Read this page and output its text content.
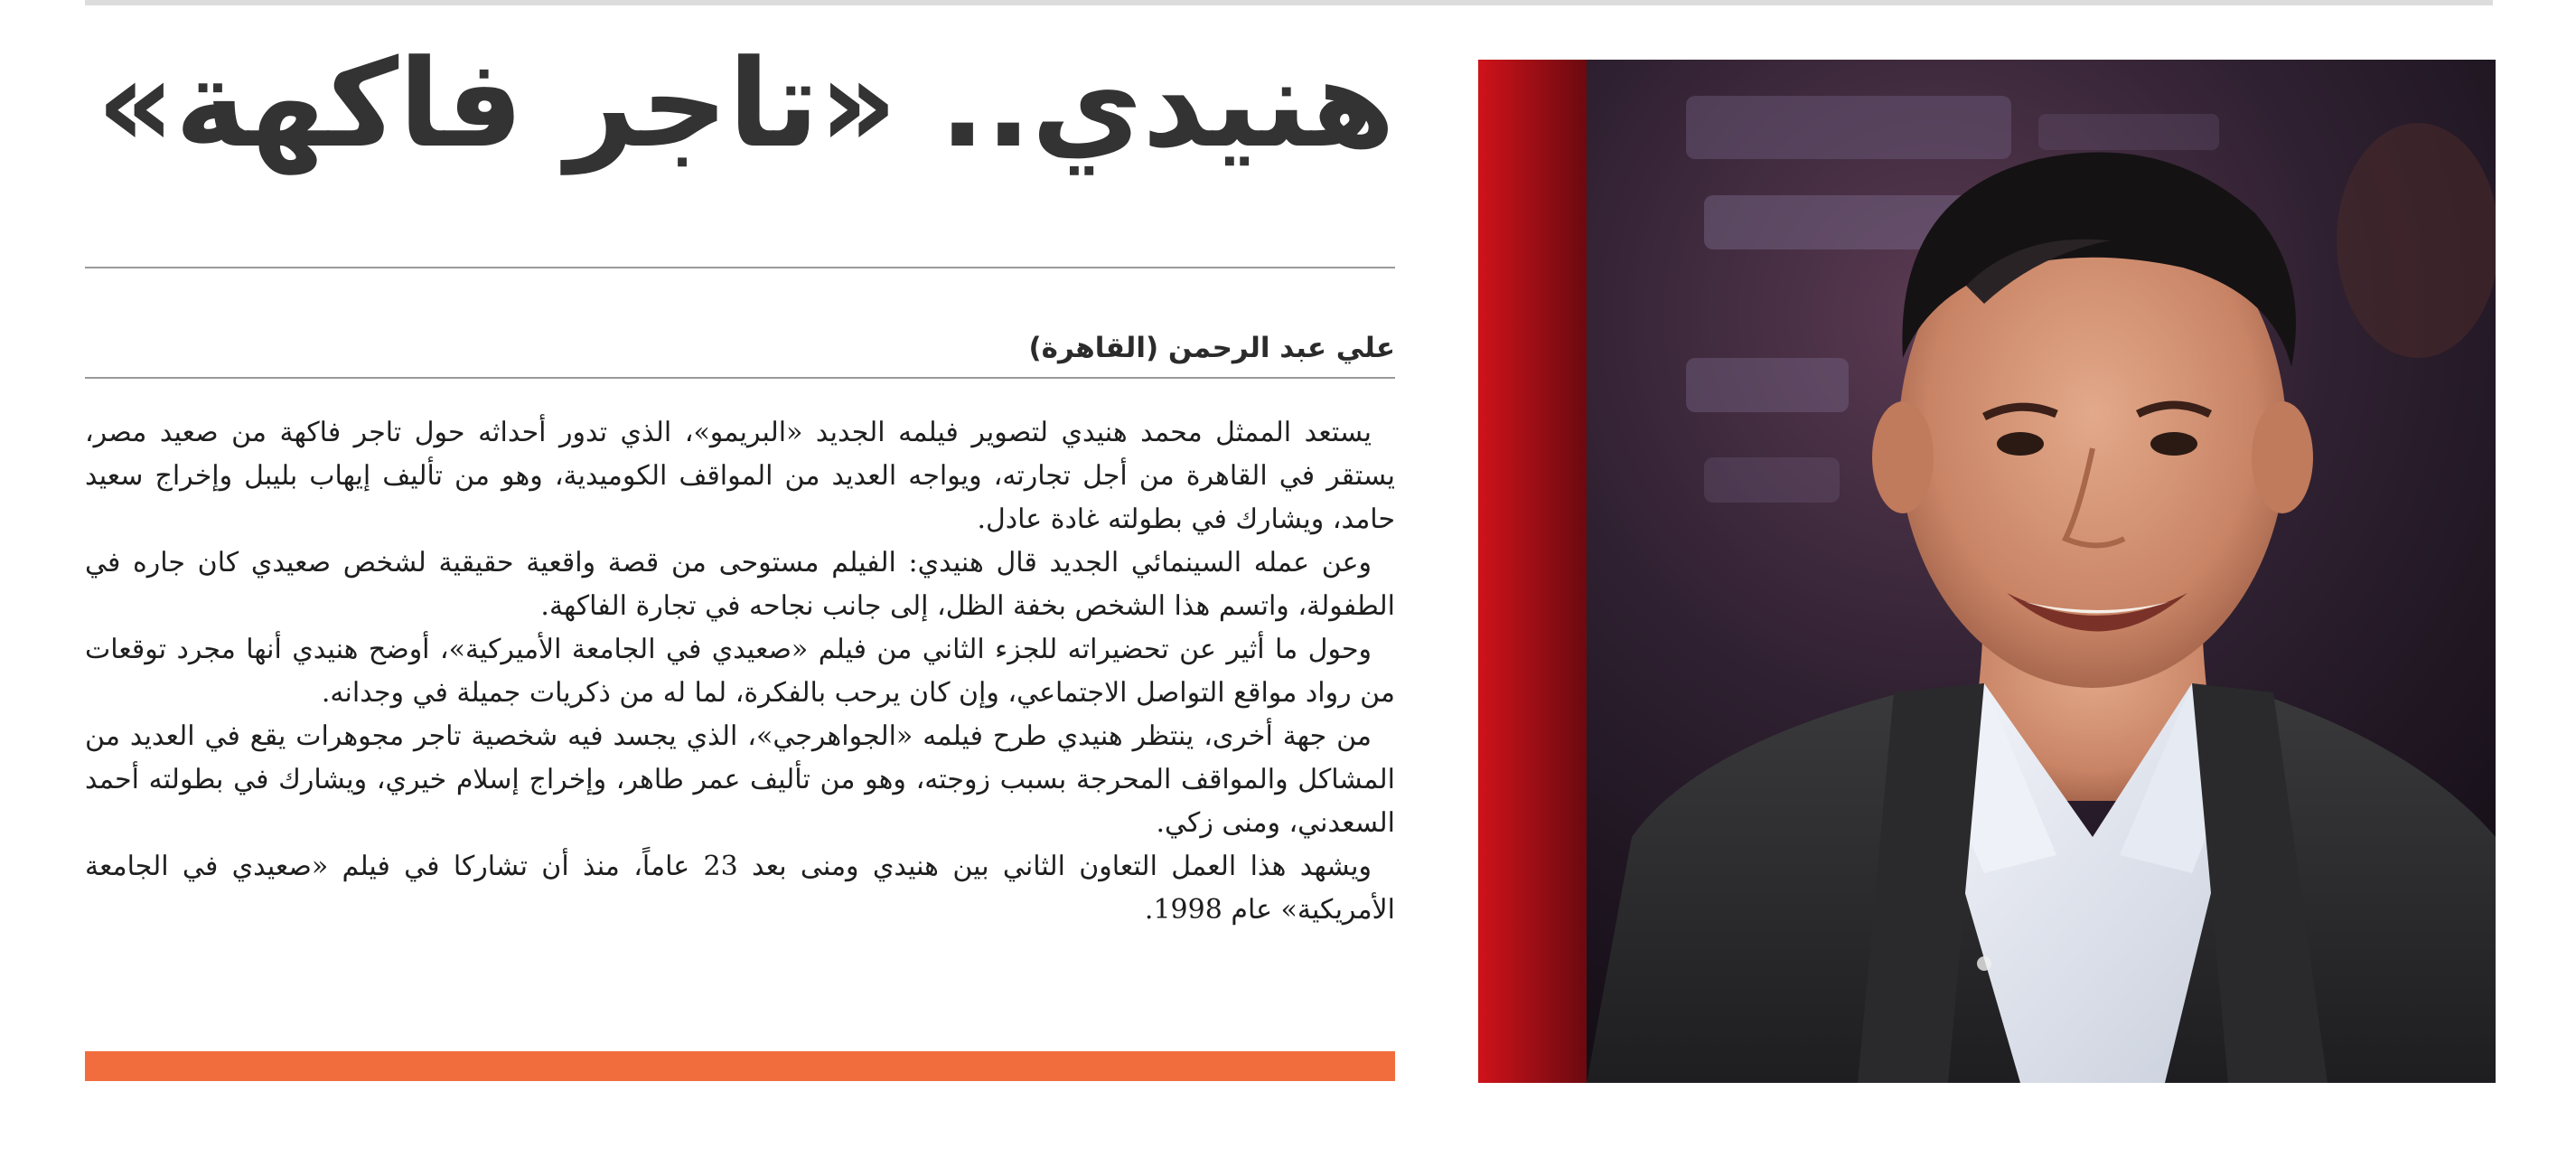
هنيدي.. «تاجر فاكهة»
علي عبد الرحمن (القاهرة)

يستعد الممثل محمد هنيدي لتصوير فيلمه الجديد «البريمو»، الذي تدور أحداثه حول تاجر فاكهة من صعيد مصر، يستقر في القاهرة من أجل تجارته، ويواجه العديد من المواقف الكوميدية، وهو من تأليف إيهاب بليبل وإخراج سعيد حامد، ويشارك في بطولته غادة عادل.

وعن عمله السينمائي الجديد قال هنيدي: الفيلم مستوحى من قصة واقعية حقيقية لشخص صعيدي كان جاره في الطفولة، واتسم هذا الشخص بخفة الظل، إلى جانب نجاحه في تجارة الفاكهة.

وحول ما أثير عن تحضيراته للجزء الثاني من فيلم «صعيدي في الجامعة الأميركية»، أوضح هنيدي أنها مجرد توقعات من رواد مواقع التواصل الاجتماعي، وإن كان يرحب بالفكرة، لما له من ذكريات جميلة في وجدانه.

من جهة أخرى، ينتظر هنيدي طرح فيلمه «الجواهرجي»، الذي يجسد فيه شخصية تاجر مجوهرات يقع في العديد من المشاكل والمواقف المحرجة بسبب زوجته، وهو من تأليف عمر طاهر، وإخراج إسلام خيري، ويشارك في بطولته أحمد السعدني، ومنى زكي.

ويشهد هذا العمل التعاون الثاني بين هنيدي ومنى بعد 23 عاماً، منذ أن تشاركا في فيلم «صعيدي في الجامعة الأمريكية» عام 1998.
